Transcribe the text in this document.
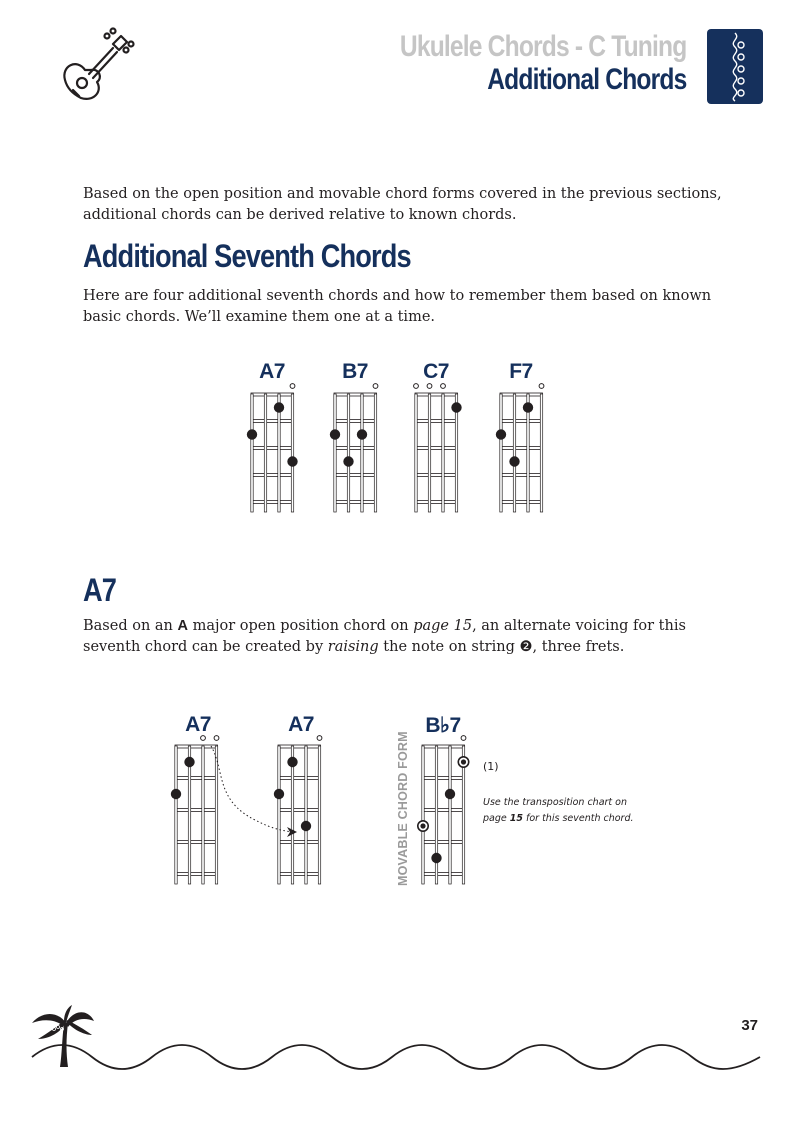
Ukulele Chords - C Tuning
Additional Chords
Based on the open position and movable chord forms covered in the previous sections, additional chords can be derived relative to known chords.
Additional Seventh Chords
Here are four additional seventh chords and how to remember them based on known basic chords. We’ll examine them one at a time.
A7	B7	C7	F7
A7
Based on an A major open position chord on page 15, an alternate voicing for this seventh chord can be created by raising the note on string ❷, three frets.
A7	A7	B♭7
MOVABLE CHORD FORM	(1)
Use the transposition chart on
page 15 for this seventh chord.
37
